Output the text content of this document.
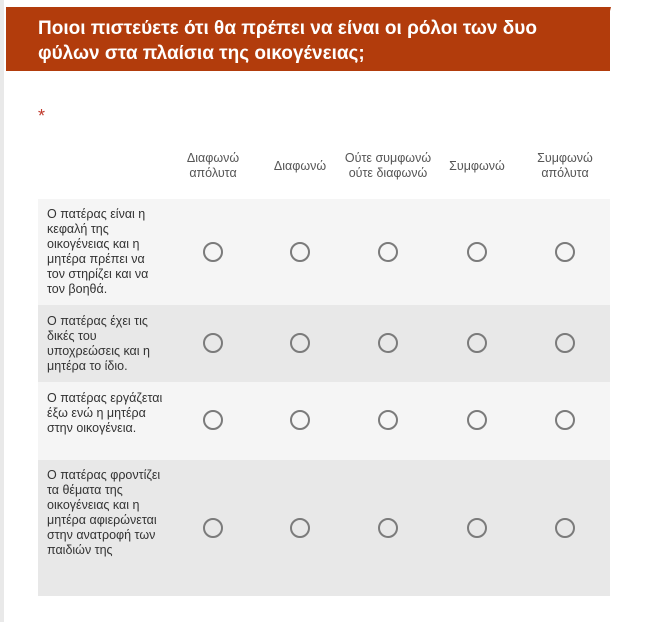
Ποιοι πιστεύετε ότι θα πρέπει να είναι οι ρόλοι των δυο φύλων στα πλαίσια της οικογένειας;
*
Διαφωνώ απόλυτα
Διαφωνώ
Ούτε συμφωνώ ούτε διαφωνώ
Συμφωνώ
Συμφωνώ απόλυτα
Ο πατέρας είναι η κεφαλή της οικογένειας και η μητέρα πρέπει να τον στηρίζει και να τον βοηθά.
Ο πατέρας έχει τις δικές του υποχρεώσεις και η μητέρα το ίδιο.
Ο πατέρας εργάζεται έξω ενώ η μητέρα στην οικογένεια.
Ο πατέρας φροντίζει τα θέματα της οικογένειας και η μητέρα αφιερώνεται στην ανατροφή των παιδιών της
